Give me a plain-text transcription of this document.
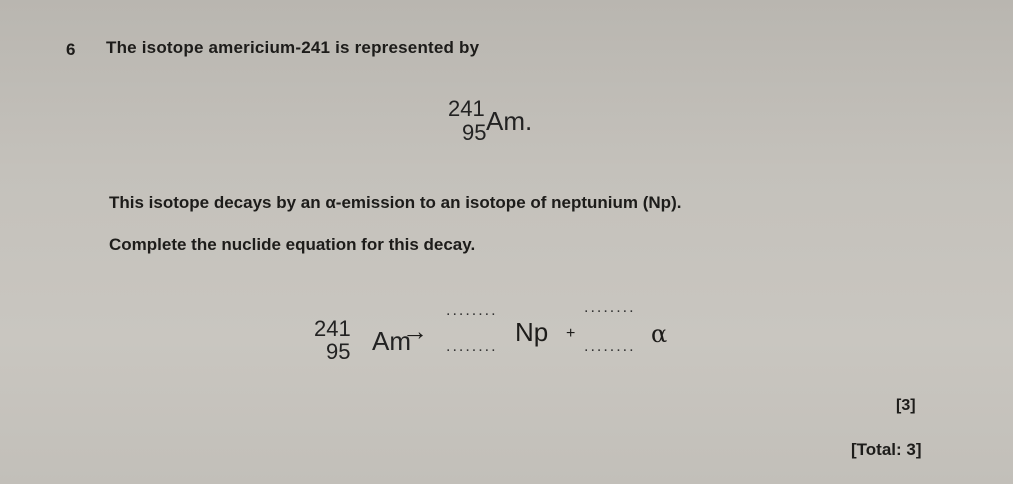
6 The isotope americium-241 is represented by
241
95 Am.
This isotope decays by an α-emission to an isotope of neptunium (Np).
Complete the nuclide equation for this decay.
241
95 Am
→
........
........ Np +
........
........ α
[3]
[Total: 3]
